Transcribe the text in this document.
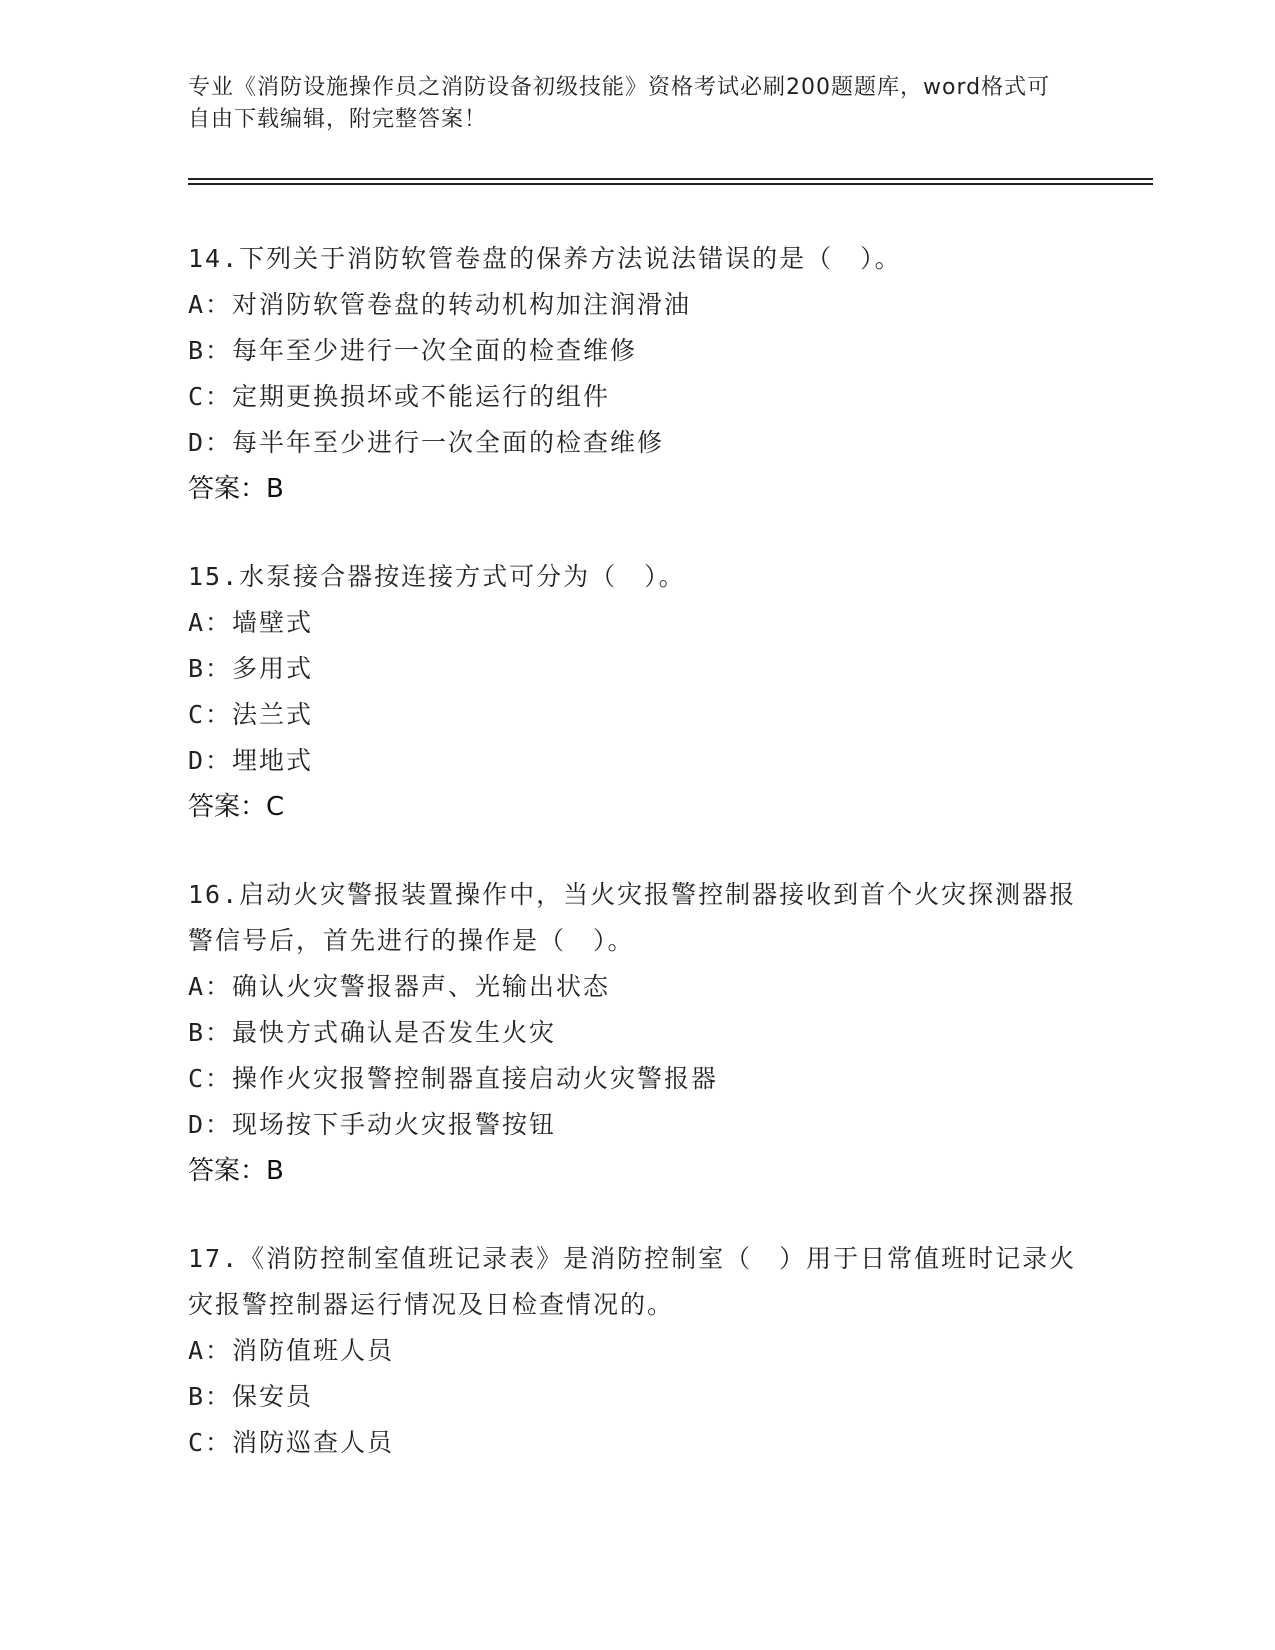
专业《消防设施操作员之消防设备初级技能》资格考试必刷200题题库，word格式可自由下载编辑，附完整答案！

14.下列关于消防软管卷盘的保养方法说法错误的是（　）。

A：对消防软管卷盘的转动机构加注润滑油

B：每年至少进行一次全面的检查维修

C：定期更换损坏或不能运行的组件

D：每半年至少进行一次全面的检查维修

答案：B

15.水泵接合器按连接方式可分为（　）。

A：墙壁式

B：多用式

C：法兰式

D：埋地式

答案：C

16.启动火灾警报装置操作中，当火灾报警控制器接收到首个火灾探测器报警信号后，首先进行的操作是（　）。

A：确认火灾警报器声、光输出状态

B：最快方式确认是否发生火灾

C：操作火灾报警控制器直接启动火灾警报器

D：现场按下手动火灾报警按钮

答案：B

17.《消防控制室值班记录表》是消防控制室（　）用于日常值班时记录火灾报警控制器运行情况及日检查情况的。

A：消防值班人员

B：保安员

C：消防巡查人员
